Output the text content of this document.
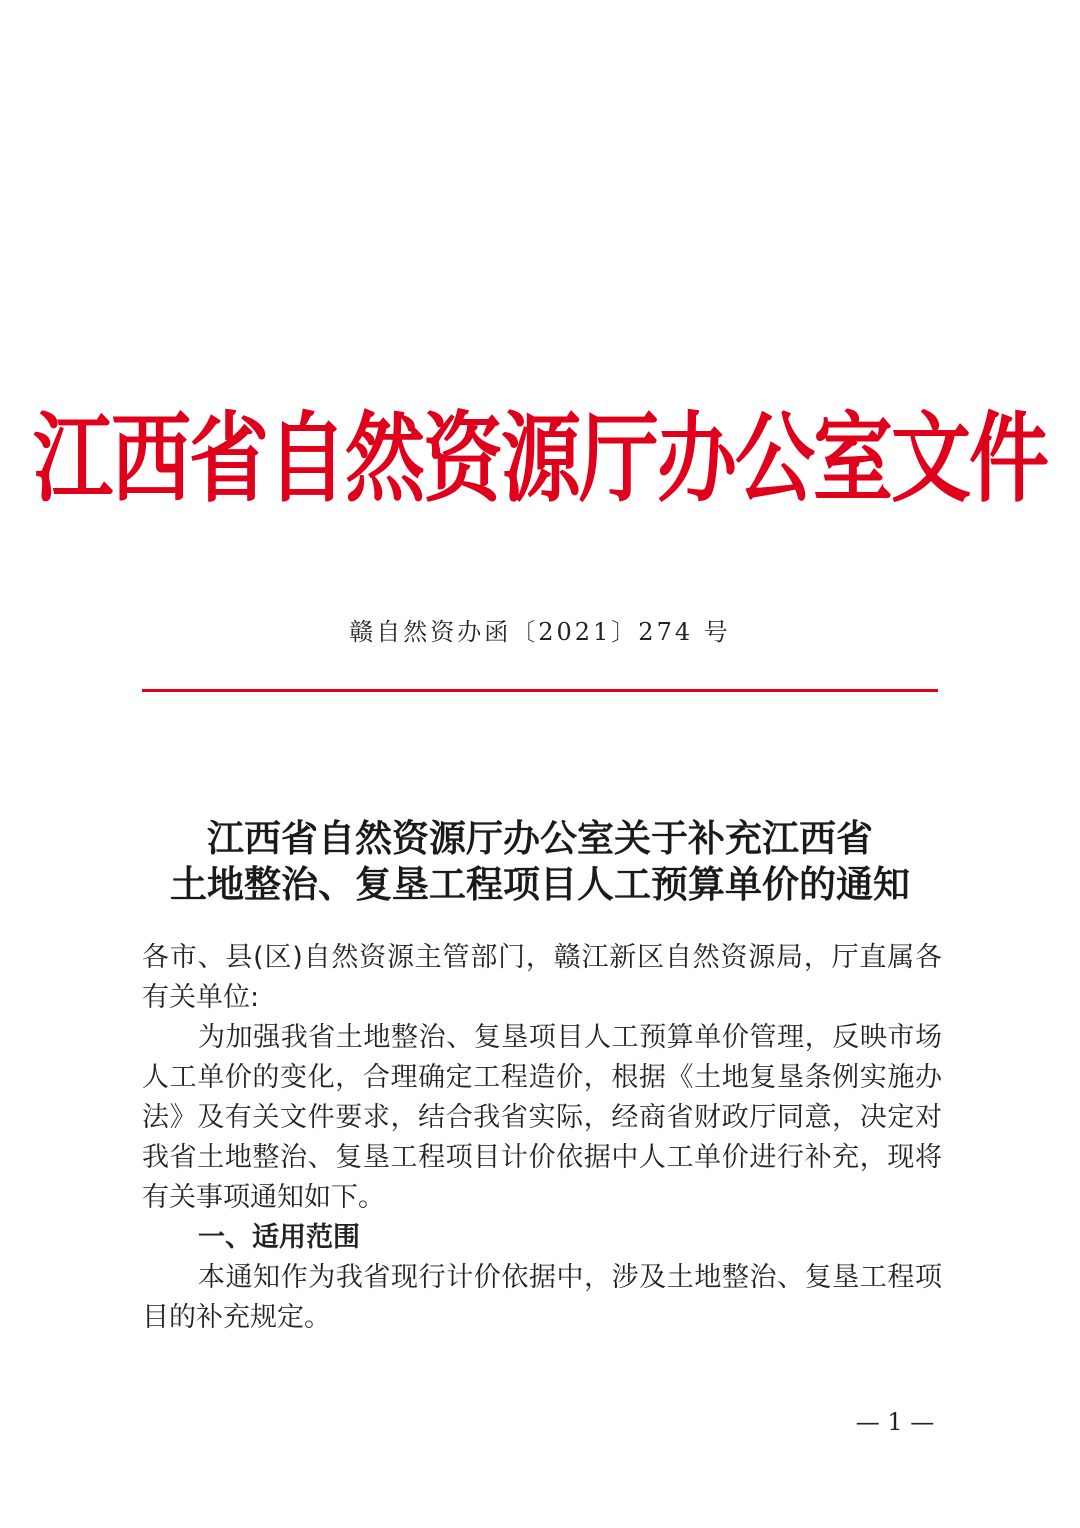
江西省自然资源厅办公室文件
赣自然资办函〔2021〕274 号
江西省自然资源厅办公室关于补充江西省
土地整治、复垦工程项目人工预算单价的通知

各市、县(区)自然资源主管部门，赣江新区自然资源局，厅直属各有关单位:

为加强我省土地整治、复垦项目人工预算单价管理，反映市场人工单价的变化，合理确定工程造价，根据《土地复垦条例实施办法》及有关文件要求，结合我省实际，经商省财政厅同意，决定对我省土地整治、复垦工程项目计价依据中人工单价进行补充，现将有关事项通知如下。

一、适用范围

本通知作为我省现行计价依据中，涉及土地整治、复垦工程项目的补充规定。

— 1 —
